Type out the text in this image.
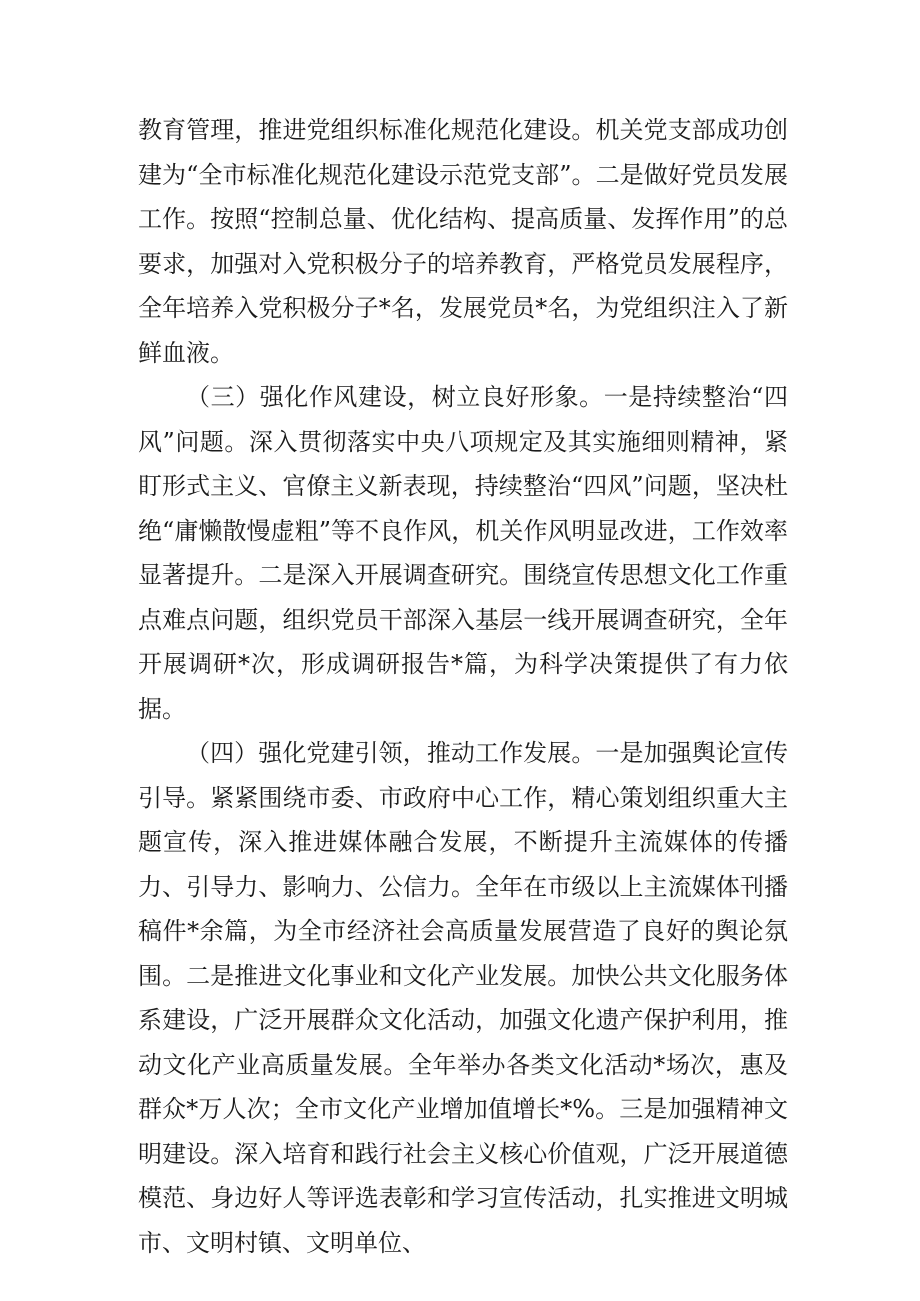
教育管理，推进党组织标准化规范化建设。机关党支部成功创建为“全市标准化规范化建设示范党支部”。二是做好党员发展工作。按照“控制总量、优化结构、提高质量、发挥作用”的总要求，加强对入党积极分子的培养教育，严格党员发展程序，全年培养入党积极分子*名，发展党员*名，为党组织注入了新鲜血液。

（三）强化作风建设，树立良好形象。一是持续整治“四风”问题。深入贯彻落实中央八项规定及其实施细则精神，紧盯形式主义、官僚主义新表现，持续整治“四风”问题，坚决杜绝“庸懒散慢虚粗”等不良作风，机关作风明显改进，工作效率显著提升。二是深入开展调查研究。围绕宣传思想文化工作重点难点问题，组织党员干部深入基层一线开展调查研究，全年开展调研*次，形成调研报告*篇，为科学决策提供了有力依据。

（四）强化党建引领，推动工作发展。一是加强舆论宣传引导。紧紧围绕市委、市政府中心工作，精心策划组织重大主题宣传，深入推进媒体融合发展，不断提升主流媒体的传播力、引导力、影响力、公信力。全年在市级以上主流媒体刊播稿件*余篇，为全市经济社会高质量发展营造了良好的舆论氛围。二是推进文化事业和文化产业发展。加快公共文化服务体系建设，广泛开展群众文化活动，加强文化遗产保护利用，推动文化产业高质量发展。全年举办各类文化活动*场次，惠及群众*万人次；全市文化产业增加值增长*%。三是加强精神文明建设。深入培育和践行社会主义核心价值观，广泛开展道德模范、身边好人等评选表彰和学习宣传活动，扎实推进文明城市、文明村镇、文明单位、
